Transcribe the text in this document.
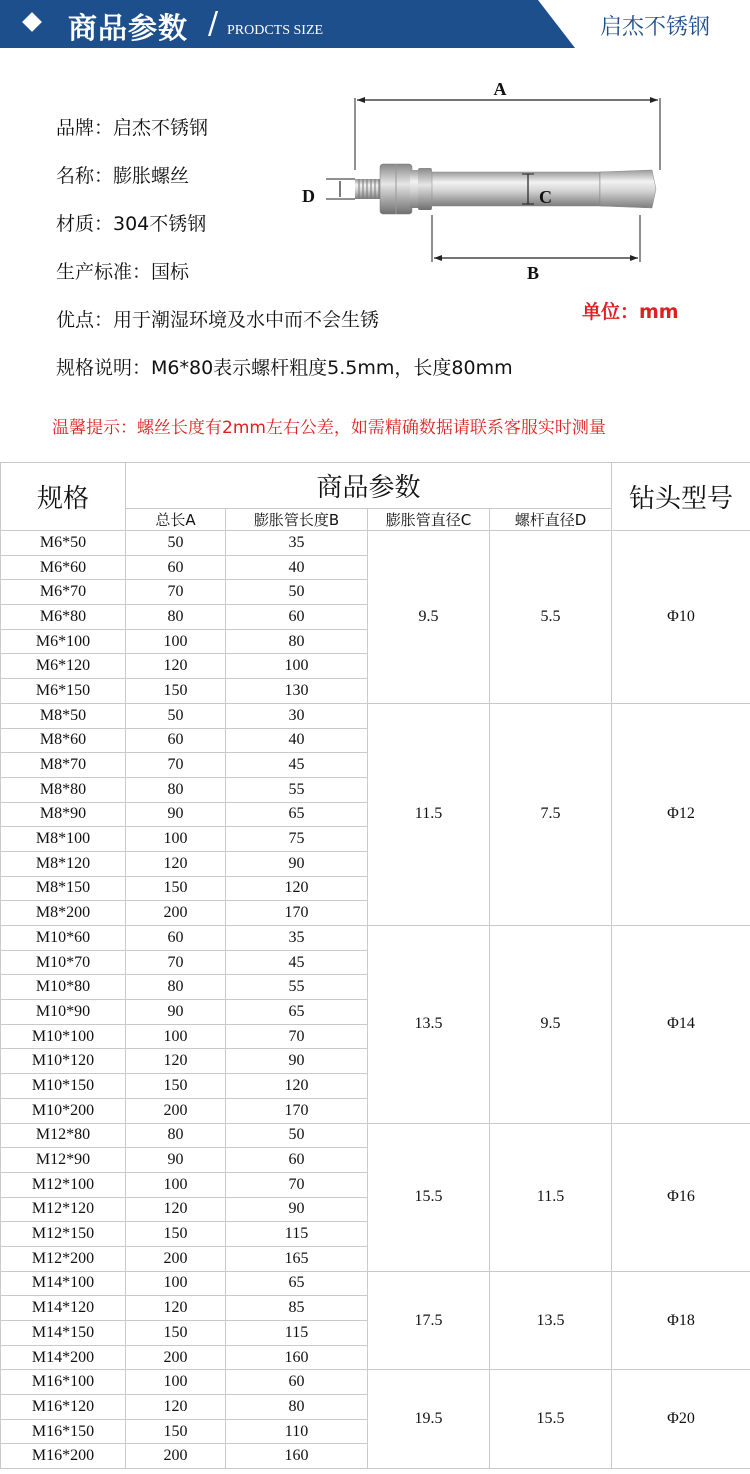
商品参数 / PRODCTS SIZE	启杰不锈钢
品牌：启杰不锈钢
名称：膨胀螺丝
材质：304不锈钢
生产标准：国标
优点：用于潮湿环境及水中而不会生锈
规格说明：M6*80表示螺杆粗度5.5mm，长度80mm
单位：mm
温馨提示：螺丝长度有2mm左右公差，如需精确数据请联系客服实时测量
A
B
C
D
规格	商品参数				钻头型号
	总长A	膨胀管长度B	膨胀管直径C	螺杆直径D	
M6*50	50	35	9.5	5.5	Φ10
M6*60	60	40			
M6*70	70	50			
M6*80	80	60			
M6*100	100	80			
M6*120	120	100			
M6*150	150	130			
M8*50	50	30	11.5	7.5	Φ12
M8*60	60	40			
M8*70	70	45			
M8*80	80	55			
M8*90	90	65			
M8*100	100	75			
M8*120	120	90			
M8*150	150	120			
M8*200	200	170			
M10*60	60	35	13.5	9.5	Φ14
M10*70	70	45			
M10*80	80	55			
M10*90	90	65			
M10*100	100	70			
M10*120	120	90			
M10*150	150	120			
M10*200	200	170			
M12*80	80	50	15.5	11.5	Φ16
M12*90	90	60			
M12*100	100	70			
M12*120	120	90			
M12*150	150	115			
M12*200	200	165			
M14*100	100	65	17.5	13.5	Φ18
M14*120	120	85			
M14*150	150	115			
M14*200	200	160			
M16*100	100	60	19.5	15.5	Φ20
M16*120	120	80			
M16*150	150	110			
M16*200	200	160			
